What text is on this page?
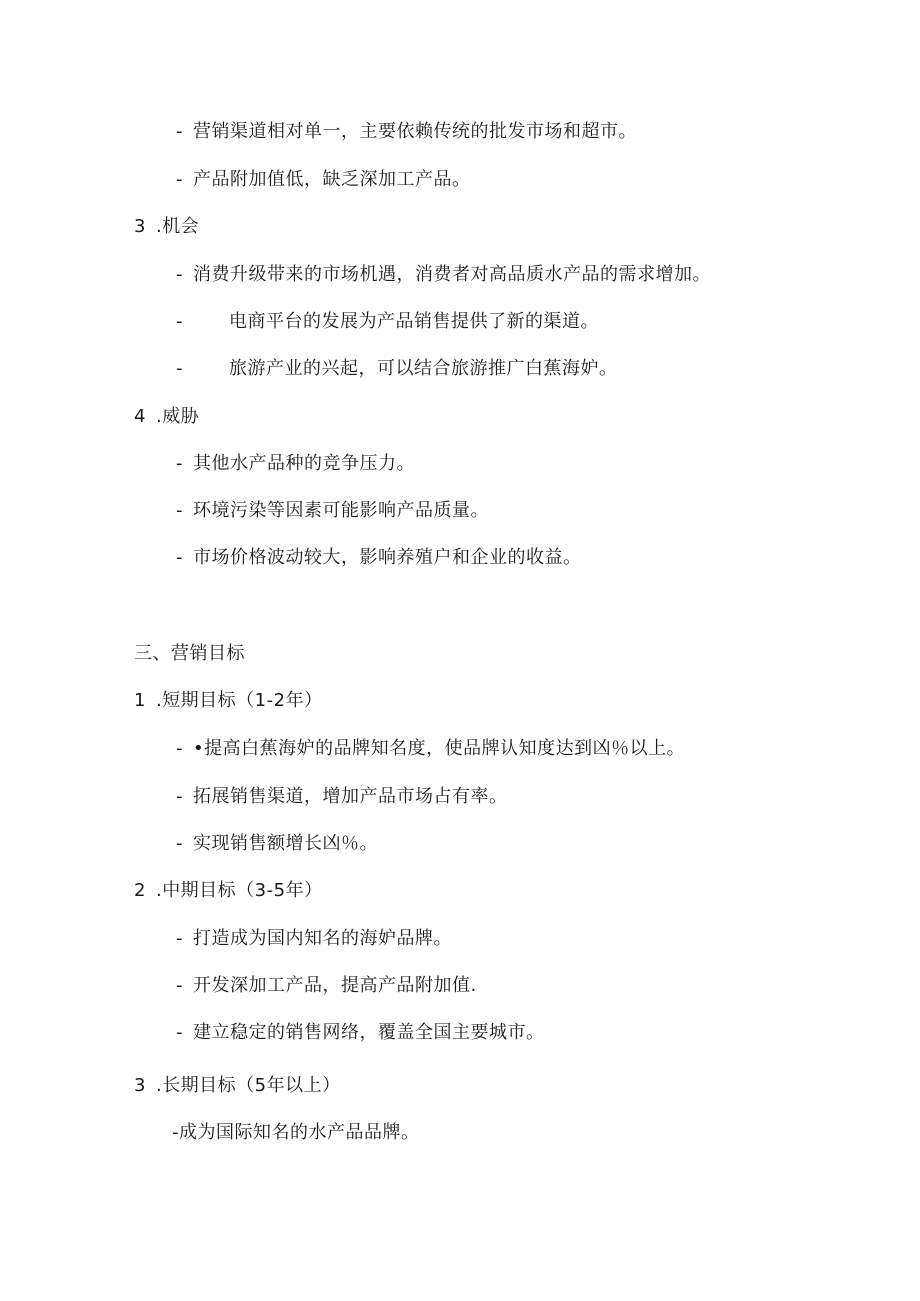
- 营销渠道相对单一，主要依赖传统的批发市场和超市。
- 产品附加值低，缺乏深加工产品。
3 .机会
- 消费升级带来的市场机遇，消费者对高品质水产品的需求增加。
-	电商平台的发展为产品销售提供了新的渠道。
-	旅游产业的兴起，可以结合旅游推广白蕉海妒。
4 .威胁
- 其他水产品种的竞争压力。
- 环境污染等因素可能影响产品质量。
- 市场价格波动较大，影响养殖户和企业的收益。
三、营销目标
1 .短期目标（1-2年）
- •提高白蕉海妒的品牌知名度，使品牌认知度达到凶％以上。
- 拓展销售渠道，增加产品市场占有率。
- 实现销售额增长凶％。
2 .中期目标（3-5年）
- 打造成为国内知名的海妒品牌。
- 开发深加工产品，提高产品附加值.
- 建立稳定的销售网络，覆盖全国主要城市。
3 .长期目标（5年以上）
-成为国际知名的水产品品牌。
